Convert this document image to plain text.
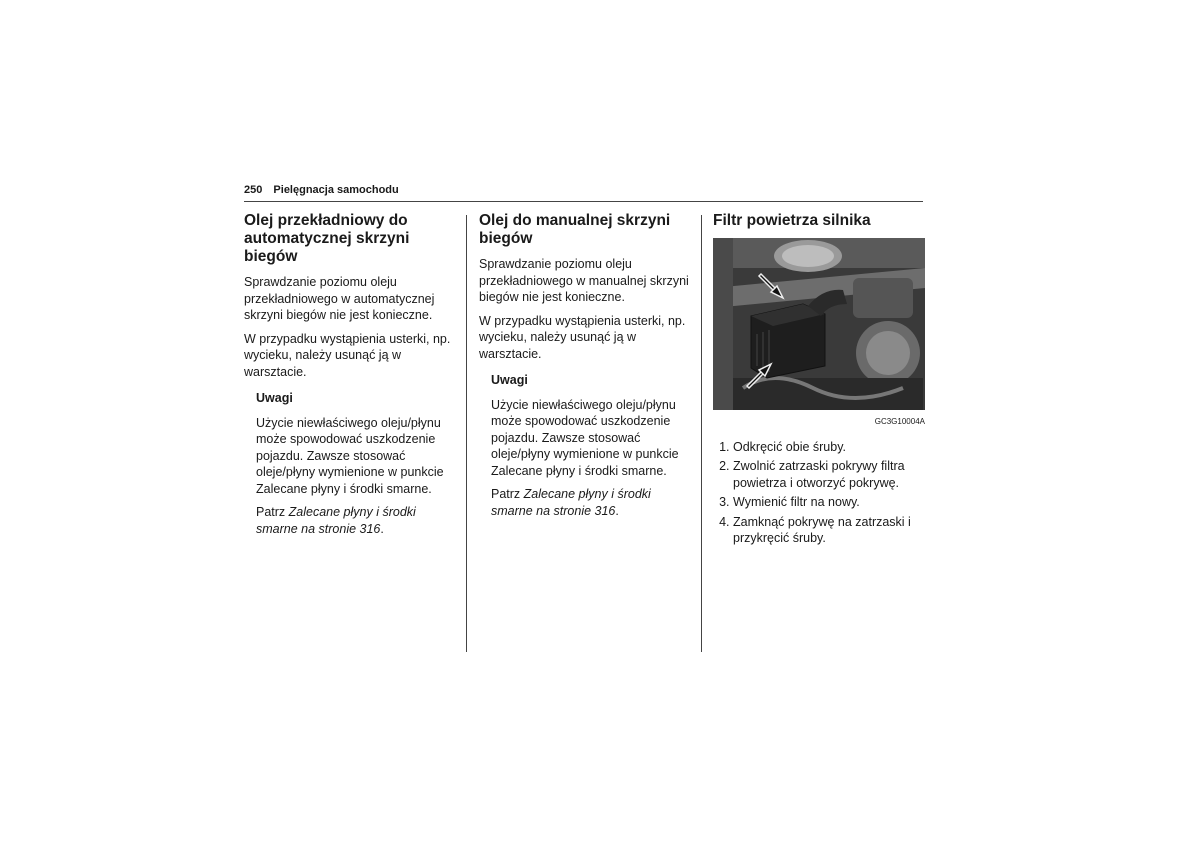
250 Pielęgnacja samochodu
Olej przekładniowy do automatycznej skrzyni biegów

Sprawdzanie poziomu oleju przekładniowego w automatycznej skrzyni biegów nie jest konieczne.

W przypadku wystąpienia usterki, np. wycieku, należy usunąć ją w warsztacie.

Uwagi

Użycie niewłaściwego oleju/płynu może spowodować uszkodzenie pojazdu. Zawsze stosować oleje/płyny wymienione w punkcie Zalecane płyny i środki smarne.

Patrz Zalecane płyny i środki smarne na stronie 316.

Olej do manualnej skrzyni biegów

Sprawdzanie poziomu oleju przekładniowego w manualnej skrzyni biegów nie jest konieczne.

W przypadku wystąpienia usterki, np. wycieku, należy usunąć ją w warsztacie.

Uwagi

Użycie niewłaściwego oleju/płynu może spowodować uszkodzenie pojazdu. Zawsze stosować oleje/płyny wymienione w punkcie Zalecane płyny i środki smarne.

Patrz Zalecane płyny i środki smarne na stronie 316.

Filtr powietrza silnika

GC3G10004A

1. Odkręcić obie śruby.
2. Zwolnić zatrzaski pokrywy filtra powietrza i otworzyć pokrywę.
3. Wymienić filtr na nowy.
4. Zamknąć pokrywę na zatrzaski i przykręcić śruby.
